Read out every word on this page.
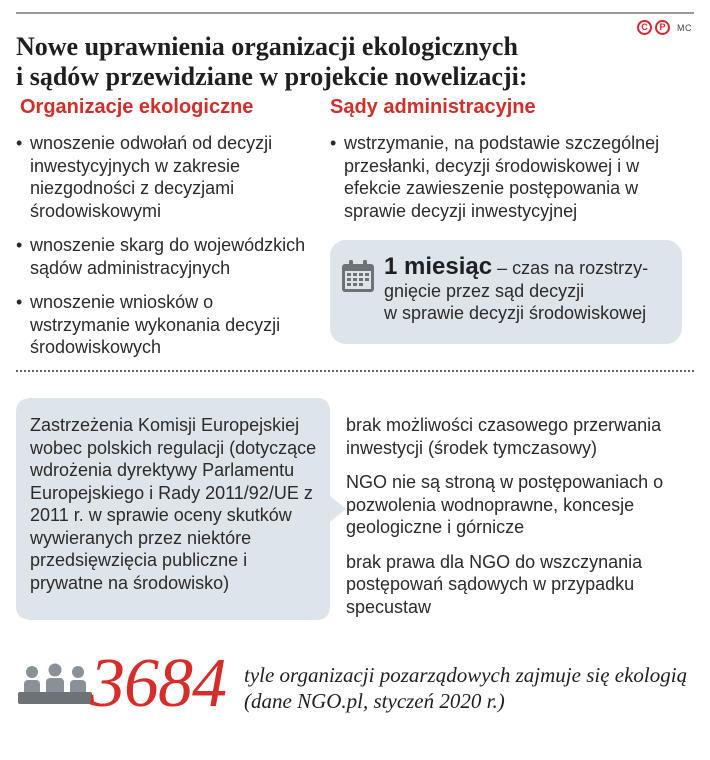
C	P	MC
Nowe uprawnienia organizacji ekologicznych
i sądów przewidziane w projekcie nowelizacji:
Organizacje ekologiczne	Sądy administracyjne
• wnoszenie odwołań od decyzji inwestycyjnych w zakresie niezgodności z decyzjami środowiskowymi
• wnoszenie skarg do wojewódzkich sądów administracyjnych
• wnoszenie wniosków o wstrzymanie wykonania decyzji środowiskowych
• wstrzymanie, na podstawie szczególnej przesłanki, decyzji środowiskowej i w efekcie zawieszenie postępowania w sprawie decyzji inwestycyjnej
1 miesiąc – czas na rozstrzy-
gnięcie przez sąd decyzji
w sprawie decyzji środowiskowej
Zastrzeżenia Komisji Europejskiej wobec polskich regulacji (dotyczące wdrożenia dyrektywy Parlamentu Europejskiego i Rady 2011/92/UE z 2011 r. w sprawie oceny skutków wywieranych przez niektóre przedsięwzięcia publiczne i prywatne na środowisko)

brak możliwości czasowego przerwania inwestycji (środek tymczasowy)

NGO nie są stroną w postępowaniach o pozwolenia wodnoprawne, koncesje geologiczne i górnicze

brak prawa dla NGO do wszczynania postępowań sądowych w przypadku specustaw

3684 tyle organizacji pozarządowych zajmuje się ekologią (dane NGO.pl, styczeń 2020 r.)
